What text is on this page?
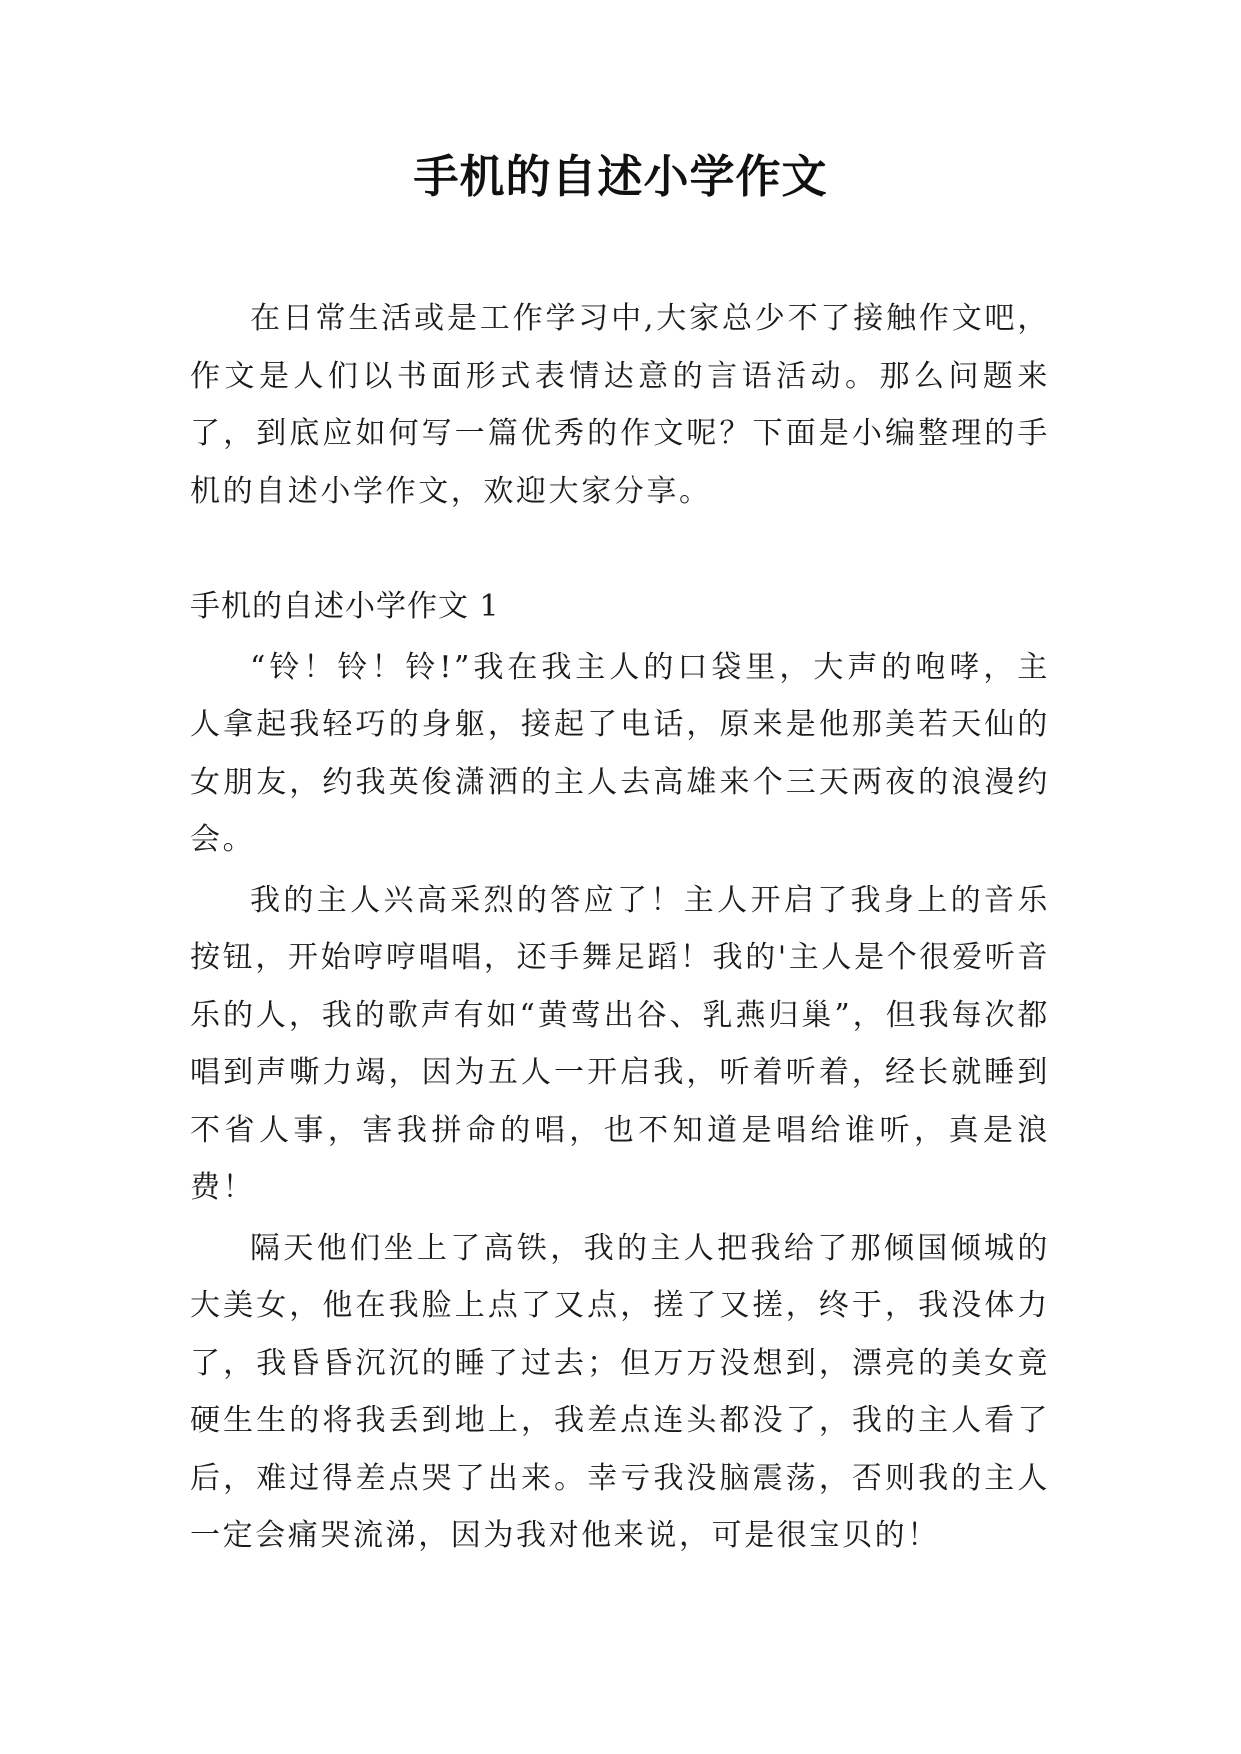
手机的自述小学作文

在日常生活或是工作学习中,大家总少不了接触作文吧，作文是人们以书面形式表情达意的言语活动。那么问题来了，到底应如何写一篇优秀的作文呢？下面是小编整理的手机的自述小学作文，欢迎大家分享。

手机的自述小学作文 1

“铃！铃！铃!”我在我主人的口袋里，大声的咆哮，主人拿起我轻巧的身躯，接起了电话，原来是他那美若天仙的女朋友，约我英俊潇洒的主人去高雄来个三天两夜的浪漫约会。

我的主人兴高采烈的答应了！主人开启了我身上的音乐按钮，开始哼哼唱唱，还手舞足蹈！我的'主人是个很爱听音乐的人，我的歌声有如“黄莺出谷、乳燕归巢”，但我每次都唱到声嘶力竭，因为五人一开启我，听着听着，经长就睡到不省人事，害我拼命的唱，也不知道是唱给谁听，真是浪费！

隔天他们坐上了高铁，我的主人把我给了那倾国倾城的大美女，他在我脸上点了又点，搓了又搓，终于，我没体力了，我昏昏沉沉的睡了过去；但万万没想到，漂亮的美女竟硬生生的将我丢到地上，我差点连头都没了，我的主人看了后，难过得差点哭了出来。幸亏我没脑震荡，否则我的主人一定会痛哭流涕，因为我对他来说，可是很宝贝的！
